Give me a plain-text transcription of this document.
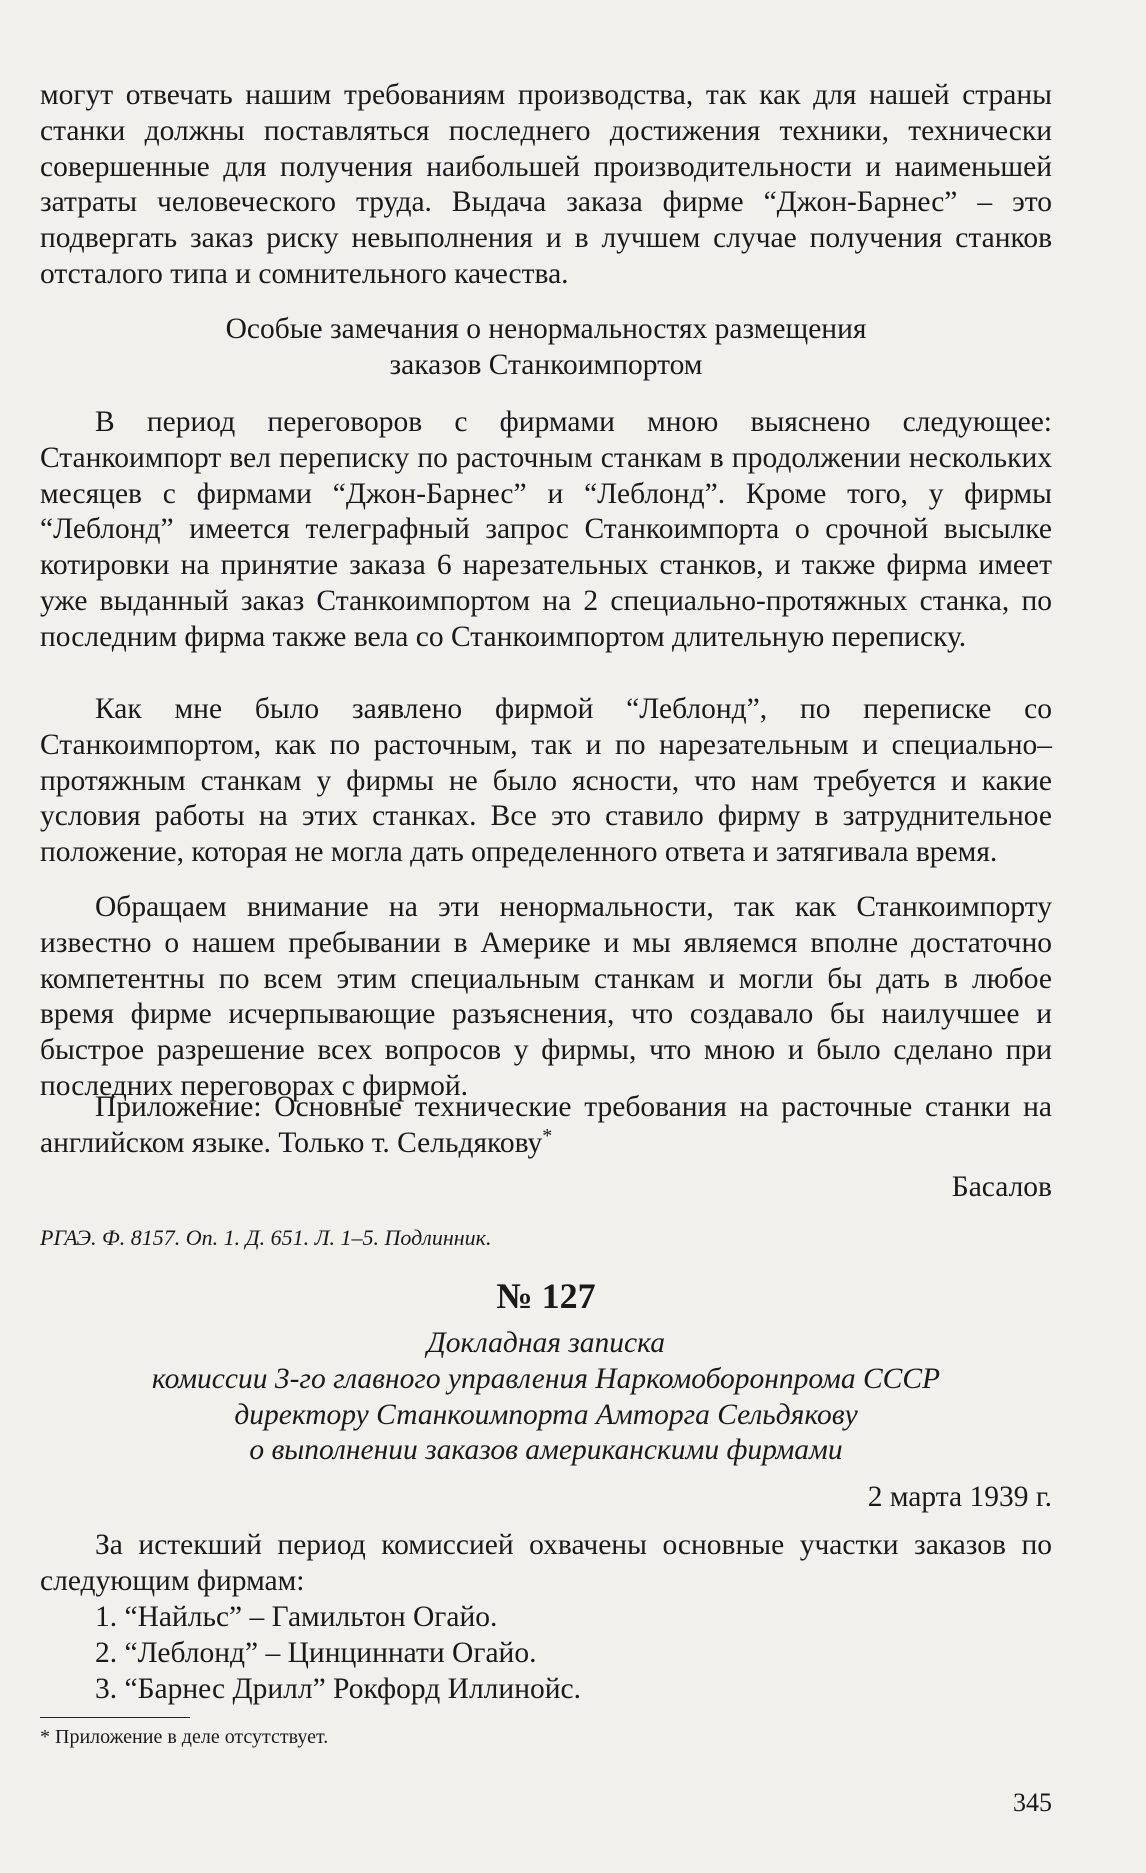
могут отвечать нашим требованиям производства, так как для нашей страны станки должны поставляться последнего достижения техники, технически совершенные для получения наибольшей производительности и наименьшей затраты человеческого труда. Выдача заказа фирме “Джон-Барнес” – это подвергать заказ риску невыполнения и в лучшем случае получения станков отсталого типа и сомнительного качества.

Особые замечания о ненормальностях размещения
заказов Станкоимпортом

В период переговоров с фирмами мною выяснено следующее: Станкоимпорт вел переписку по расточным станкам в продолжении нескольких месяцев с фирмами “Джон-Барнес” и “Леблонд”. Кроме того, у фирмы “Леблонд” имеется телеграфный запрос Станкоимпорта о срочной высылке котировки на принятие заказа 6 нарезательных станков, и также фирма имеет уже выданный заказ Станкоимпортом на 2 специально-протяжных станка, по последним фирма также вела со Станкоимпортом длительную переписку.

Как мне было заявлено фирмой “Леблонд”, по переписке со Станкоимпортом, как по расточным, так и по нарезательным и специально–протяжным станкам у фирмы не было ясности, что нам требуется и какие условия работы на этих станках. Все это ставило фирму в затруднительное положение, которая не могла дать определенного ответа и затягивала время.

Обращаем внимание на эти ненормальности, так как Станкоимпорту известно о нашем пребывании в Америке и мы являемся вполне достаточно компетентны по всем этим специальным станкам и могли бы дать в любое время фирме исчерпывающие разъяснения, что создавало бы наилучшее и быстрое разрешение всех вопросов у фирмы, что мною и было сделано при последних переговорах с фирмой.

Приложение: Основные технические требования на расточные станки на английском языке. Только т. Сельдякову*

Басалов
РГАЭ. Ф. 8157. Оп. 1. Д. 651. Л. 1–5. Подлинник.
№ 127
Докладная записка
комиссии 3-го главного управления Наркомоборонпрома СССР
директору Станкоимпорта Амторга Сельдякову
о выполнении заказов американскими фирмами
2 марта 1939 г.

За истекший период комиссией охвачены основные участки заказов по следующим фирмам:

1. “Найльс” – Гамильтон Огайо.
2. “Леблонд” – Цинциннати Огайо.
3. “Барнес Дрилл” Рокфорд Иллинойс.
* Приложение в деле отсутствует.
345
